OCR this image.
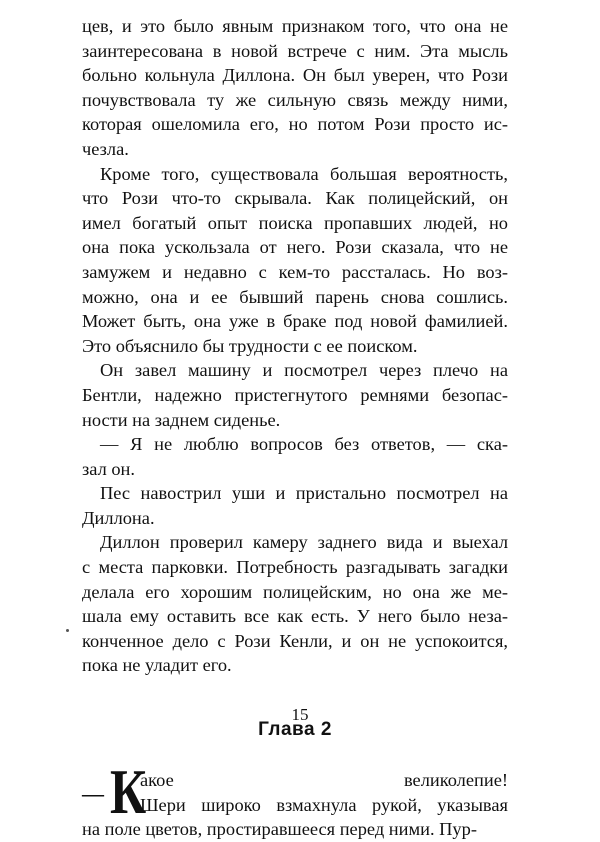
цев, и это было явным признаком того, что она не
заинтересована в новой встрече с ним. Эта мысль
больно кольнула Диллона. Он был уверен, что Рози
почувствовала ту же сильную связь между ними,
которая ошеломила его, но потом Рози просто ис-
чезла.

Кроме того, существовала большая вероятность,
что Рози что-то скрывала. Как полицейский, он
имел богатый опыт поиска пропавших людей, но
она пока ускользала от него. Рози сказала, что не
замужем и недавно с кем-то рассталась. Но воз-
можно, она и ее бывший парень снова сошлись.
Может быть, она уже в браке под новой фамилией.
Это объяснило бы трудности с ее поиском.

Он завел машину и посмотрел через плечо на
Бентли, надежно пристегнутого ремнями безопас-
ности на заднем сиденье.

— Я не люблю вопросов без ответов, — ска-
зал он.

Пес навострил уши и пристально посмотрел на
Диллона.

Диллон проверил камеру заднего вида и выехал
с места парковки. Потребность разгадывать загадки
делала его хорошим полицейским, но она же ме-
шала ему оставить все как есть. У него было неза-
конченное дело с Рози Кенли, и он не успокоится,
пока не уладит его.

Глава 2
— К
акое великолепие!
Шери широко взмахнула рукой, указывая
на поле цветов, простиравшееся перед ними. Пур-
15
